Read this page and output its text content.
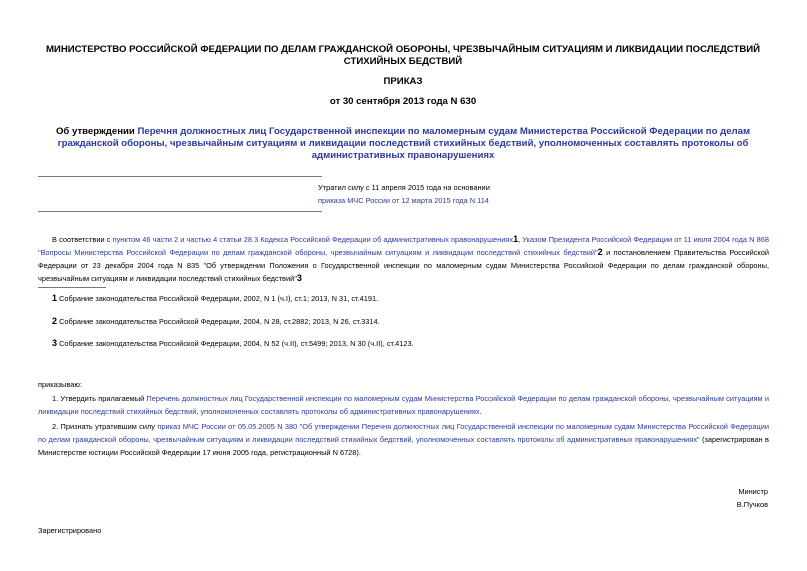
МИНИСТЕРСТВО РОССИЙСКОЙ ФЕДЕРАЦИИ ПО ДЕЛАМ ГРАЖДАНСКОЙ ОБОРОНЫ, ЧРЕЗВЫЧАЙНЫМ СИТУАЦИЯМ И ЛИКВИДАЦИИ ПОСЛЕДСТВИЙ СТИХИЙНЫХ БЕДСТВИЙ
ПРИКАЗ
от 30 сентября 2013 года N 630
Об утверждении Перечня должностных лиц Государственной инспекции по маломерным судам Министерства Российской Федерации по делам гражданской обороны, чрезвычайным ситуациям и ликвидации последствий стихийных бедствий, уполномоченных составлять протоколы об административных правонарушениях
Утратил силу с 11 апреля 2015 года на основании
приказа МЧС России от 12 марта 2015 года N 114
В соответствии с пунктом 46 части 2 и частью 4 статьи 28.3 Кодекса Российской Федерации об административных правонарушениях1, Указом Президента Российской Федерации от 11 июля 2004 года N 868 "Вопросы Министерства Российской Федерации по делам гражданской обороны, чрезвычайным ситуациям и ликвидации последствий стихийных бедствий"2 и постановлением Правительства Российской Федерации от 23 декабря 2004 года N 835 "Об утверждении Положения о Государственной инспекции по маломерным судам Министерства Российской Федерации по делам гражданской обороны, чрезвычайным ситуациям и ликвидации последствий стихийных бедствий"3
1 Собрание законодательства Российской Федерации, 2002, N 1 (ч.I), ст.1; 2013, N 31, ст.4191.
2 Собрание законодательства Российской Федерации, 2004, N 28, ст.2882; 2013, N 26, ст.3314.
3 Собрание законодательства Российской Федерации, 2004, N 52 (ч.II), ст.5499; 2013, N 30 (ч.II), ст.4123.
приказываю:
1. Утвердить прилагаемый Перечень должностных лиц Государственной инспекции по маломерным судам Министерства Российской Федерации по делам гражданской обороны, чрезвычайным ситуациям и ликвидации последствий стихийных бедствий, уполномоченных составлять протоколы об административных правонарушениях.
2. Признать утратившим силу приказ МЧС России от 05.05.2005 N 380 "Об утверждении Перечня должностных лиц Государственной инспекции по маломерным судам Министерства Российской Федерации по делам гражданской обороны, чрезвычайным ситуациям и ликвидации последствий стихийных бедствий, уполномоченных составлять протоколы об административных правонарушениях" (зарегистрирован в Министерстве юстиции Российской Федерации 17 июня 2005 года, регистрационный N 6728).
Министр
В.Пучков
Зарегистрировано
